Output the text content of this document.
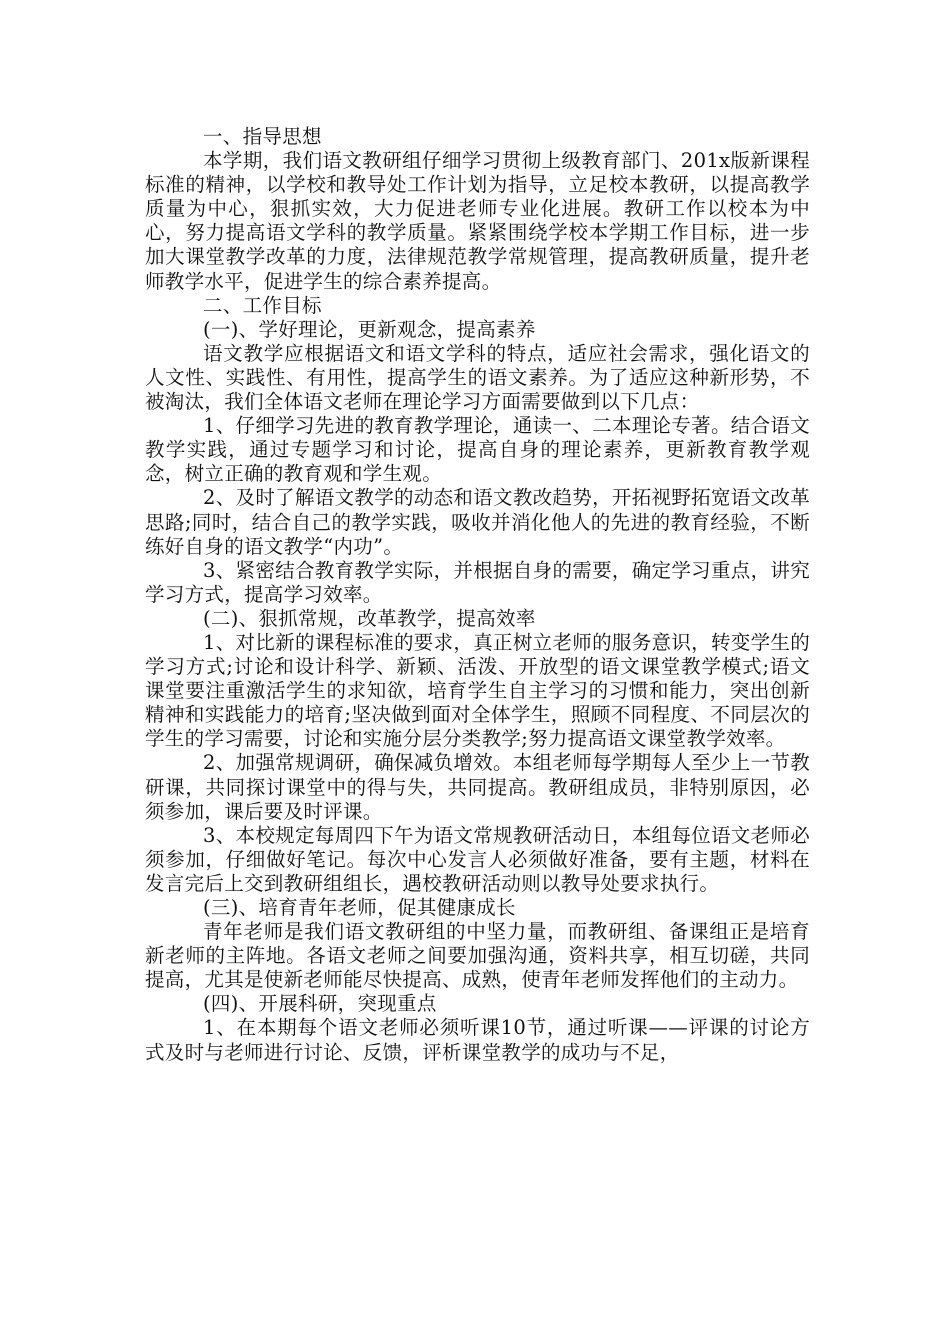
一、指导思想

本学期，我们语文教研组仔细学习贯彻上级教育部门、201x版新课程标准的精神，以学校和教导处工作计划为指导，立足校本教研，以提高教学质量为中心，狠抓实效，大力促进老师专业化进展。教研工作以校本为中心，努力提高语文学科的教学质量。紧紧围绕学校本学期工作目标，进一步加大课堂教学改革的力度，法律规范教学常规管理，提高教研质量，提升老师教学水平，促进学生的综合素养提高。

二、工作目标

(一)、学好理论，更新观念，提高素养

语文教学应根据语文和语文学科的特点，适应社会需求，强化语文的人文性、实践性、有用性，提高学生的语文素养。为了适应这种新形势，不被淘汰，我们全体语文老师在理论学习方面需要做到以下几点：

1、仔细学习先进的教育教学理论，通读一、二本理论专著。结合语文教学实践，通过专题学习和讨论，提高自身的理论素养，更新教育教学观念，树立正确的教育观和学生观。

2、及时了解语文教学的动态和语文教改趋势，开拓视野拓宽语文改革思路;同时，结合自己的教学实践，吸收并消化他人的先进的教育经验，不断练好自身的语文教学“内功”。

3、紧密结合教育教学实际，并根据自身的需要，确定学习重点，讲究学习方式，提高学习效率。

(二)、狠抓常规，改革教学，提高效率

1、对比新的课程标准的要求，真正树立老师的服务意识，转变学生的学习方式;讨论和设计科学、新颖、活泼、开放型的语文课堂教学模式;语文课堂要注重激活学生的求知欲，培育学生自主学习的习惯和能力，突出创新精神和实践能力的培育;坚决做到面对全体学生，照顾不同程度、不同层次的学生的学习需要，讨论和实施分层分类教学;努力提高语文课堂教学效率。

2、加强常规调研，确保减负增效。本组老师每学期每人至少上一节教研课，共同探讨课堂中的得与失，共同提高。教研组成员，非特别原因，必须参加，课后要及时评课。

3、本校规定每周四下午为语文常规教研活动日，本组每位语文老师必须参加，仔细做好笔记。每次中心发言人必须做好准备，要有主题，材料在发言完后上交到教研组组长，遇校教研活动则以教导处要求执行。

(三)、培育青年老师，促其健康成长

青年老师是我们语文教研组的中坚力量，而教研组、备课组正是培育新老师的主阵地。各语文老师之间要加强沟通，资料共享，相互切磋，共同提高，尤其是使新老师能尽快提高、成熟，使青年老师发挥他们的主动力。

(四)、开展科研，突现重点

1、在本期每个语文老师必须听课10节，通过听课——评课的讨论方式及时与老师进行讨论、反馈，评析课堂教学的成功与不足，
